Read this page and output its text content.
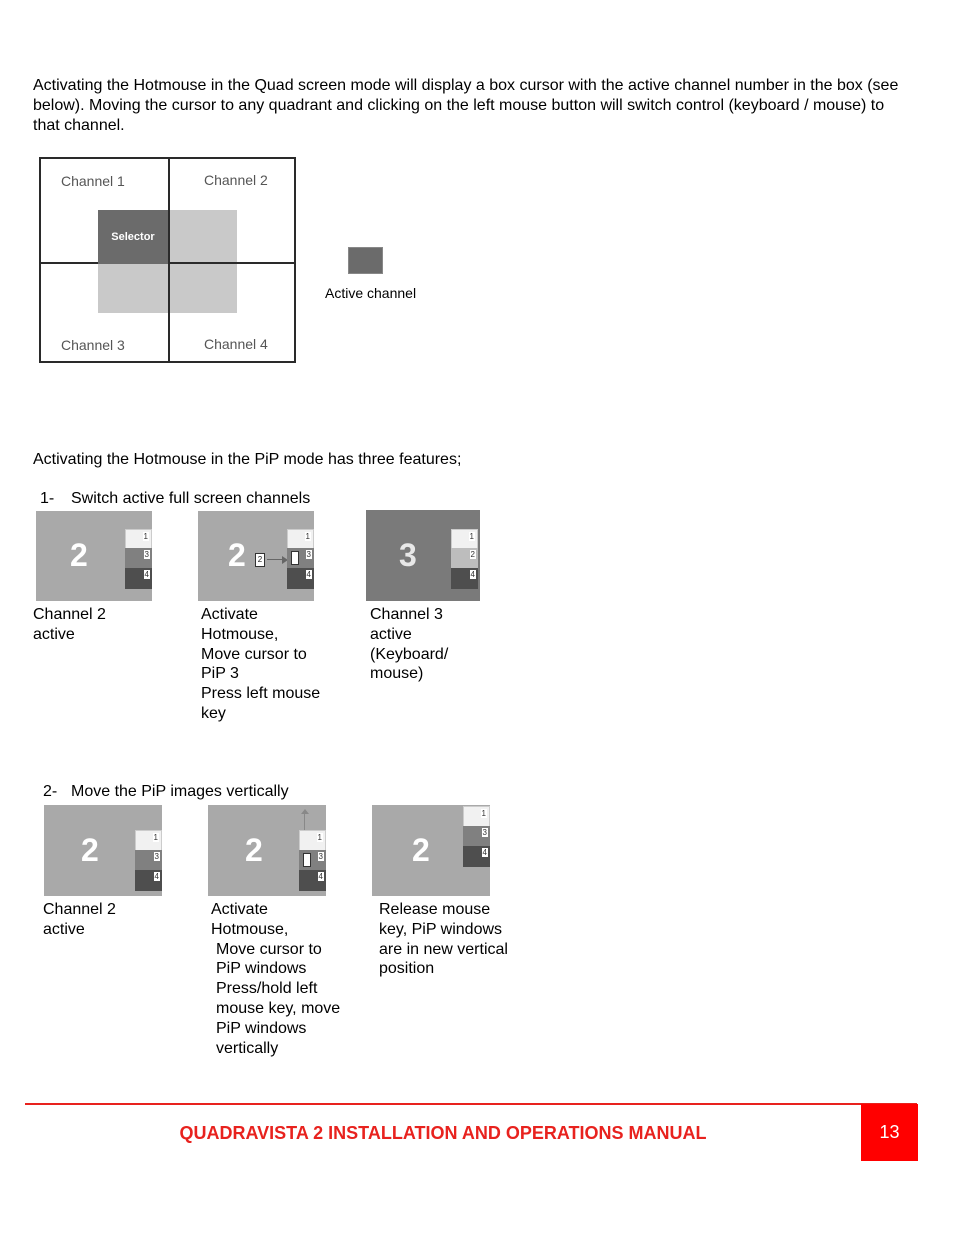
Activating the Hotmouse in the Quad screen mode will display a box cursor with the active channel number in the box (see below). Moving the cursor to any quadrant and clicking on the left mouse button will switch control (keyboard / mouse) to that channel.
Selector
Channel 1	Channel 2
Channel 3	Channel 4
Active channel
Activating the Hotmouse in the PiP mode has three features;
1- Switch active full screen channels
2
1
3
4
2	2
1
3
4
3
1
2
4
Channel 2
active
Activate
Hotmouse,
Move cursor to
PiP 3
Press left mouse
key
Channel 3
active
(Keyboard/
mouse)
2- Move the PiP images vertically
2	1
3
4
2	1
3
4
2
1
3
4
Channel 2
active
Activate
Hotmouse,
Move cursor to
PiP windows
Press/hold left
mouse key, move
PiP windows
vertically
Release mouse
key, PiP windows
are in new vertical
position
QUADRAVISTA 2 INSTALLATION AND OPERATIONS MANUAL	13
